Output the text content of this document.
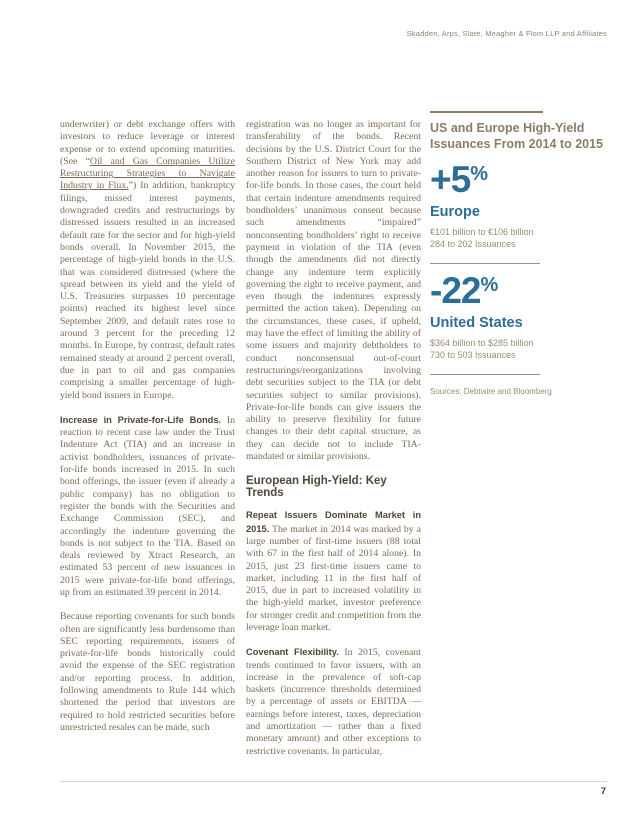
Skadden, Arps, Slate, Meagher & Flom LLP and Affiliates

underwriter) or debt exchange offers with investors to reduce leverage or interest expense or to extend upcoming maturities. (See “Oil and Gas Companies Utilize Restructuring Strategies to Navigate Industry in Flux.”) In addition, bankruptcy filings, missed interest payments, downgraded credits and restructurings by distressed issuers resulted in an increased default rate for the sector and for high-yield bonds overall. In November 2015, the percentage of high-yield bonds in the U.S. that was considered distressed (where the spread between its yield and the yield of U.S. Treasuries surpasses 10 percentage points) reached its highest level since September 2009, and default rates rose to around 3 percent for the preceding 12 months. In Europe, by contrast, default rates remained steady at around 2 percent overall, due in part to oil and gas companies comprising a smaller percentage of high-yield bond issuers in Europe.

Increase in Private-for-Life Bonds. In reaction to recent case law under the Trust Indenture Act (TIA) and an increase in activist bondholders, issuances of private-for-life bonds increased in 2015. In such bond offerings, the issuer (even if already a public company) has no obligation to register the bonds with the Securities and Exchange Commission (SEC), and accordingly the indenture governing the bonds is not subject to the TIA. Based on deals reviewed by Xtract Research, an estimated 53 percent of new issuances in 2015 were private-for-life bond offerings, up from an estimated 39 percent in 2014.

Because reporting covenants for such bonds often are significantly less burdensome than SEC reporting requirements, issuers of private-for-life bonds historically could avoid the expense of the SEC registration and/or reporting process. In addition, following amendments to Rule 144 which shortened the period that investors are required to hold restricted securities before unrestricted resales can be made, such

registration was no longer as important for transferability of the bonds. Recent decisions by the U.S. District Court for the Southern District of New York may add another reason for issuers to turn to private-for-life bonds. In those cases, the court held that certain indenture amendments required bondholders’ unanimous consent because such amendments “impaired” nonconsenting bondholders’ right to receive payment in violation of the TIA (even though the amendments did not directly change any indenture term explicitly governing the right to receive payment, and even though the indentures expressly permitted the action taken). Depending on the circumstances, these cases, if upheld, may have the effect of limiting the ability of some issuers and majority debtholders to conduct nonconsensual out-of-court restructurings/reorganizations involving debt securities subject to the TIA (or debt securities subject to similar provisions). Private-for-life bonds can give issuers the ability to preserve flexibility for future changes to their debt capital structure, as they can decide not to include TIA-mandated or similar provisions.

European High-Yield: Key Trends

Repeat Issuers Dominate Market in 2015. The market in 2014 was marked by a large number of first-time issuers (88 total with 67 in the first half of 2014 alone). In 2015, just 23 first-time issuers came to market, including 11 in the first half of 2015, due in part to increased volatility in the high-yield market, investor preference for stronger credit and competition from the leverage loan market.

Covenant Flexibility. In 2015, covenant trends continued to favor issuers, with an increase in the prevalence of soft-cap baskets (incurrence thresholds determined by a percentage of assets or EBITDA — earnings before interest, taxes, depreciation and amortization — rather than a fixed monetary amount) and other exceptions to restrictive covenants. In particular,

US and Europe High-Yield Issuances From 2014 to 2015
+5%
Europe
€101 billion to €106 billion
284 to 202 Issuances
-22%
United States
$364 billion to $285 billion
730 to 503 Issuances
Sources: Debtwire and Bloomberg
7
